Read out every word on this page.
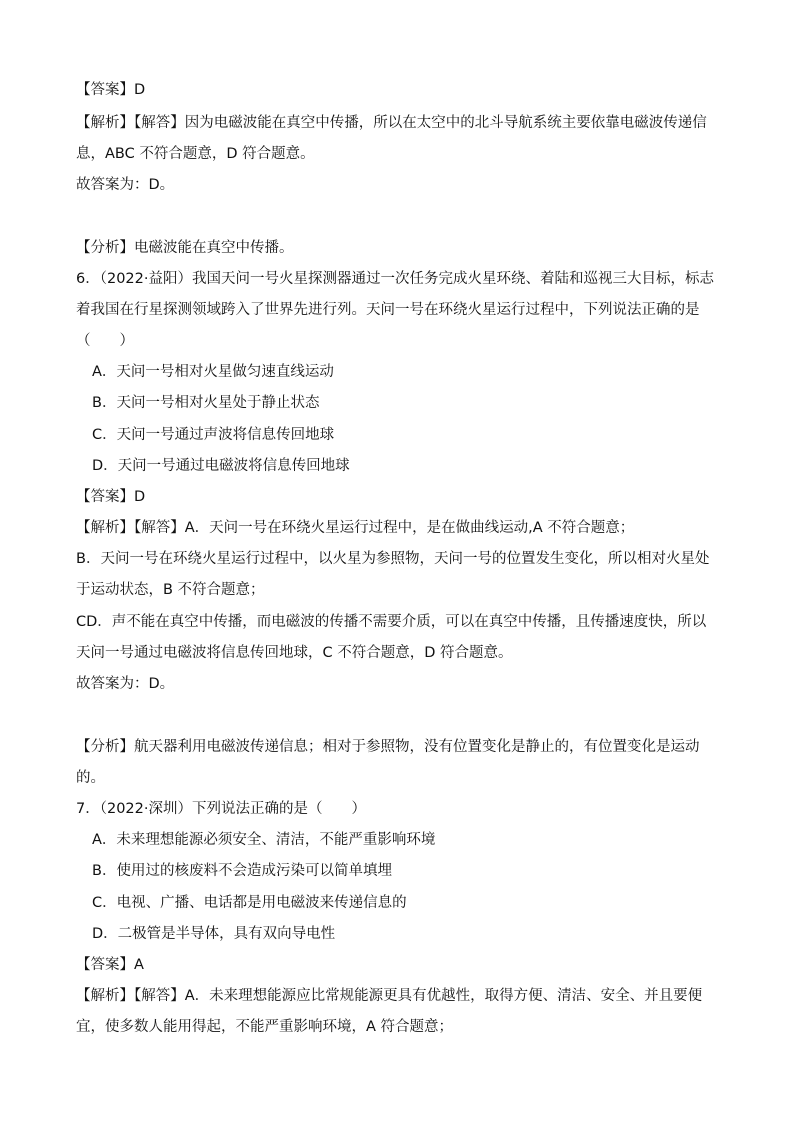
【答案】D
【解析】【解答】因为电磁波能在真空中传播，所以在太空中的北斗导航系统主要依靠电磁波传递信
息，ABC 不符合题意，D 符合题意。
故答案为：D。
【分析】电磁波能在真空中传播。
6．（2022·益阳）我国天问一号火星探测器通过一次任务完成火星环绕、着陆和巡视三大目标，标志
着我国在行星探测领域跨入了世界先进行列。天问一号在环绕火星运行过程中，下列说法正确的是
（　　）
A．天问一号相对火星做匀速直线运动
B．天问一号相对火星处于静止状态
C．天问一号通过声波将信息传回地球
D．天问一号通过电磁波将信息传回地球
【答案】D
【解析】【解答】A．天问一号在环绕火星运行过程中，是在做曲线运动,A 不符合题意；
B．天问一号在环绕火星运行过程中，以火星为参照物，天问一号的位置发生变化，所以相对火星处
于运动状态，B 不符合题意；
CD．声不能在真空中传播，而电磁波的传播不需要介质，可以在真空中传播，且传播速度快，所以
天问一号通过电磁波将信息传回地球，C 不符合题意，D 符合题意。
故答案为：D。
【分析】航天器利用电磁波传递信息；相对于参照物，没有位置变化是静止的，有位置变化是运动
的。
7．（2022·深圳）下列说法正确的是（　　）
A．未来理想能源必须安全、清洁，不能严重影响环境
B．使用过的核废料不会造成污染可以简单填埋
C．电视、广播、电话都是用电磁波来传递信息的
D．二极管是半导体，具有双向导电性
【答案】A
【解析】【解答】A．未来理想能源应比常规能源更具有优越性，取得方便、清洁、安全、并且要便
宜，使多数人能用得起，不能严重影响环境，A 符合题意；
